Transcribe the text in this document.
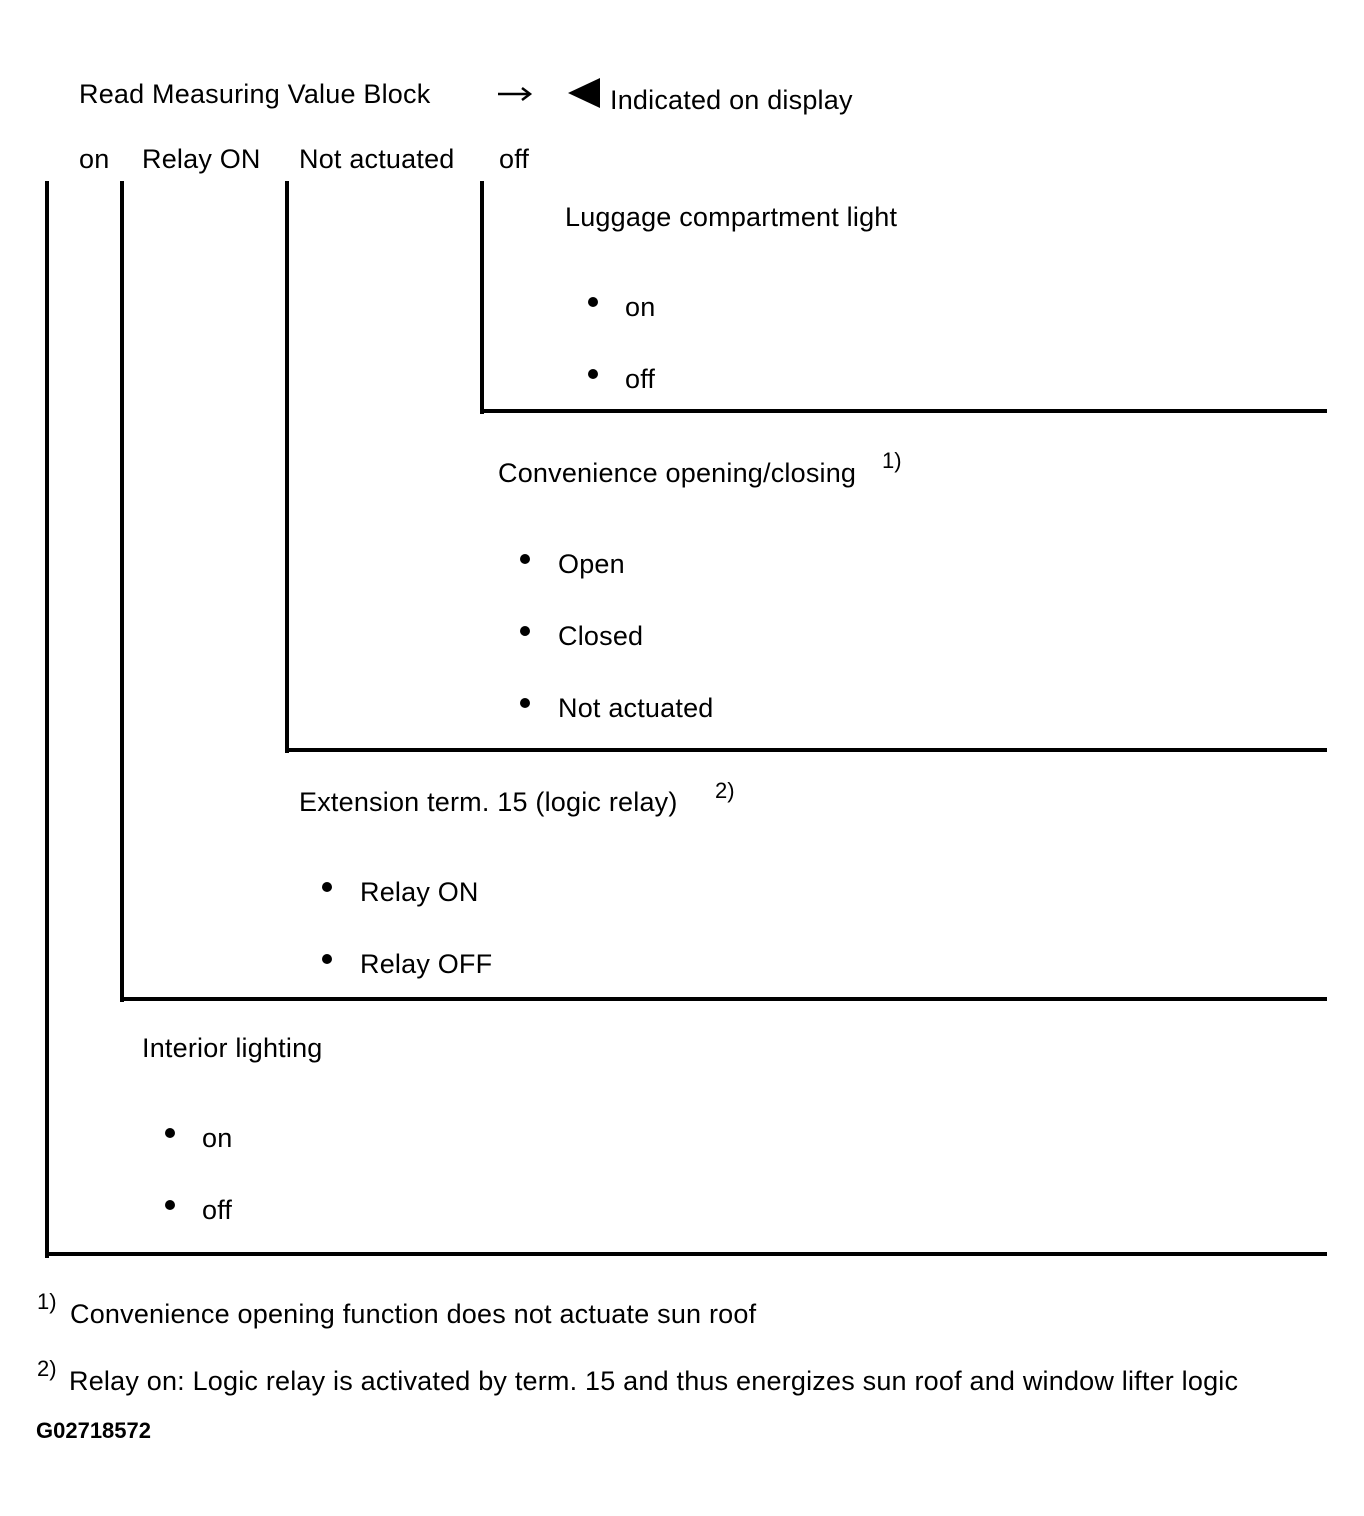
Read Measuring Value Block	Indicated on display
on Relay ON Not actuated off
Luggage compartment light
on
off
Convenience opening/closing 1)
Open
Closed
Not actuated
Extension term. 15 (logic relay) 2)
Relay ON
Relay OFF
Interior lighting
on
off
1) Convenience opening function does not actuate sun roof
2) Relay on: Logic relay is activated by term. 15 and thus energizes sun roof and window lifter logic
G02718572
